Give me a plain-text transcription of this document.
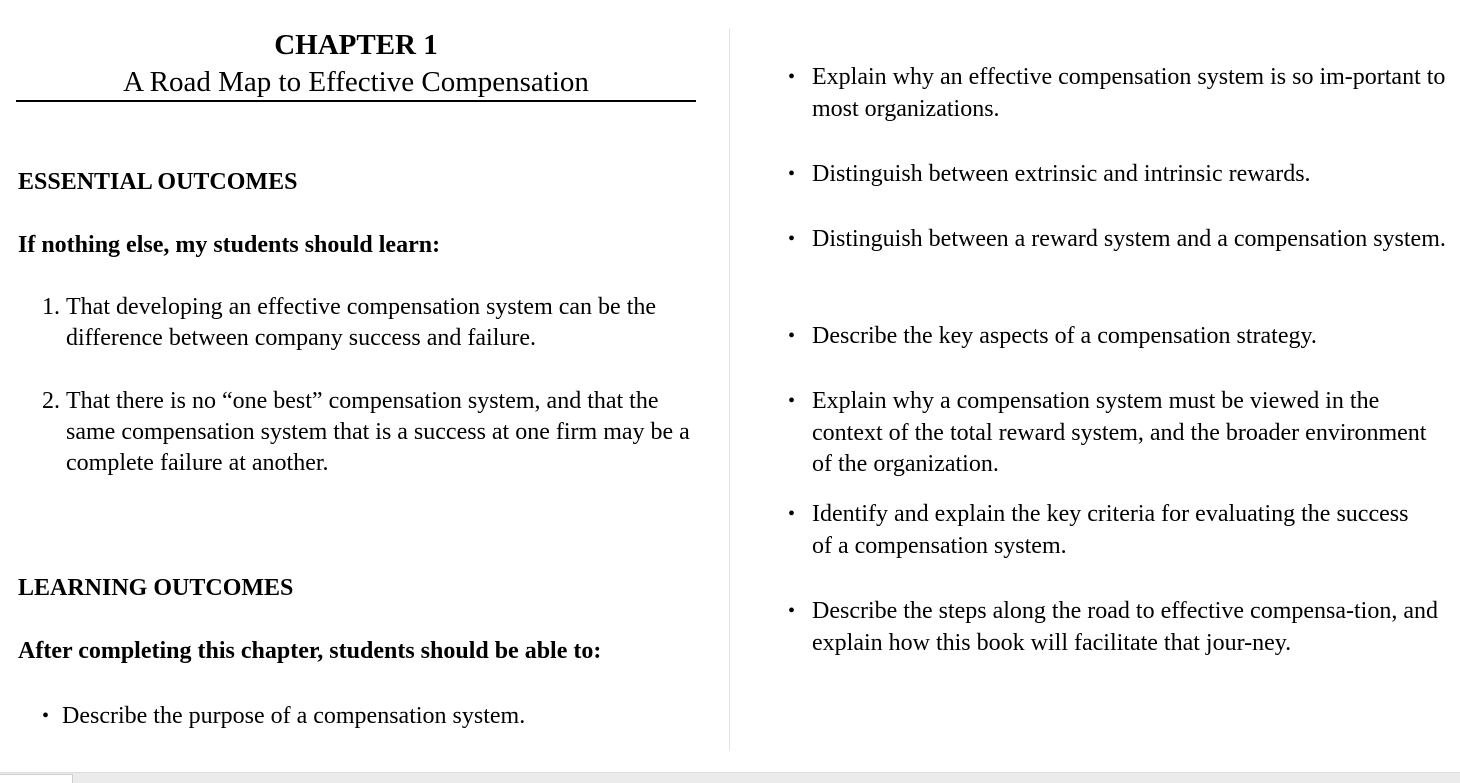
CHAPTER 1
A Road Map to Effective Compensation
ESSENTIAL OUTCOMES
If nothing else, my students should learn:
1. That developing an effective compensation system can be the difference between company success and failure.
2. That there is no “one best” compensation system, and that the same compensation system that is a success at one firm may be a complete failure at another.
LEARNING OUTCOMES
After completing this chapter, students should be able to:
• Describe the purpose of a compensation system.
• Explain why an effective compensation system is so im-portant to most organizations.
• Distinguish between extrinsic and intrinsic rewards.
• Distinguish between a reward system and a compensation system.
• Describe the key aspects of a compensation strategy.
• Explain why a compensation system must be viewed in the context of the total reward system, and the broader environment of the organization.
• Identify and explain the key criteria for evaluating the success of a compensation system.
• Describe the steps along the road to effective compensa-tion, and explain how this book will facilitate that jour-ney.
